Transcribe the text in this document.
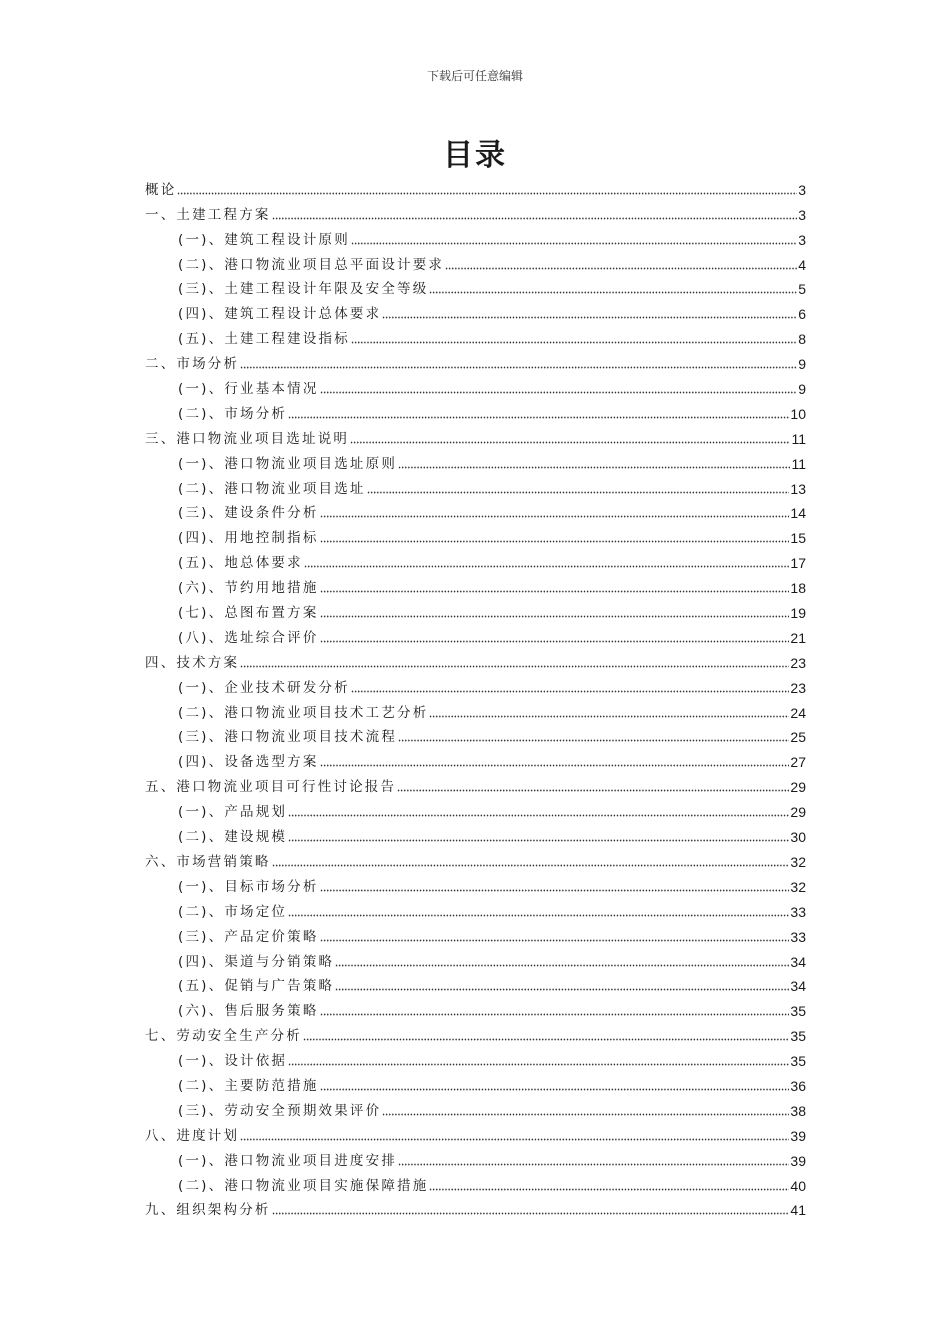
下载后可任意编辑
目录
概论	3
一、土建工程方案	3
(一)、建筑工程设计原则	3
(二)、港口物流业项目总平面设计要求	4
(三)、土建工程设计年限及安全等级	5
(四)、建筑工程设计总体要求	6
(五)、土建工程建设指标	8
二、市场分析	9
(一)、行业基本情况	9
(二)、市场分析	10
三、港口物流业项目选址说明	11
(一)、港口物流业项目选址原则	11
(二)、港口物流业项目选址	13
(三)、建设条件分析	14
(四)、用地控制指标	15
(五)、地总体要求	17
(六)、节约用地措施	18
(七)、总图布置方案	19
(八)、选址综合评价	21
四、技术方案	23
(一)、企业技术研发分析	23
(二)、港口物流业项目技术工艺分析	24
(三)、港口物流业项目技术流程	25
(四)、设备选型方案	27
五、港口物流业项目可行性讨论报告	29
(一)、产品规划	29
(二)、建设规模	30
六、市场营销策略	32
(一)、目标市场分析	32
(二)、市场定位	33
(三)、产品定价策略	33
(四)、渠道与分销策略	34
(五)、促销与广告策略	34
(六)、售后服务策略	35
七、劳动安全生产分析	35
(一)、设计依据	35
(二)、主要防范措施	36
(三)、劳动安全预期效果评价	38
八、进度计划	39
(一)、港口物流业项目进度安排	39
(二)、港口物流业项目实施保障措施	40
九、组织架构分析	41
